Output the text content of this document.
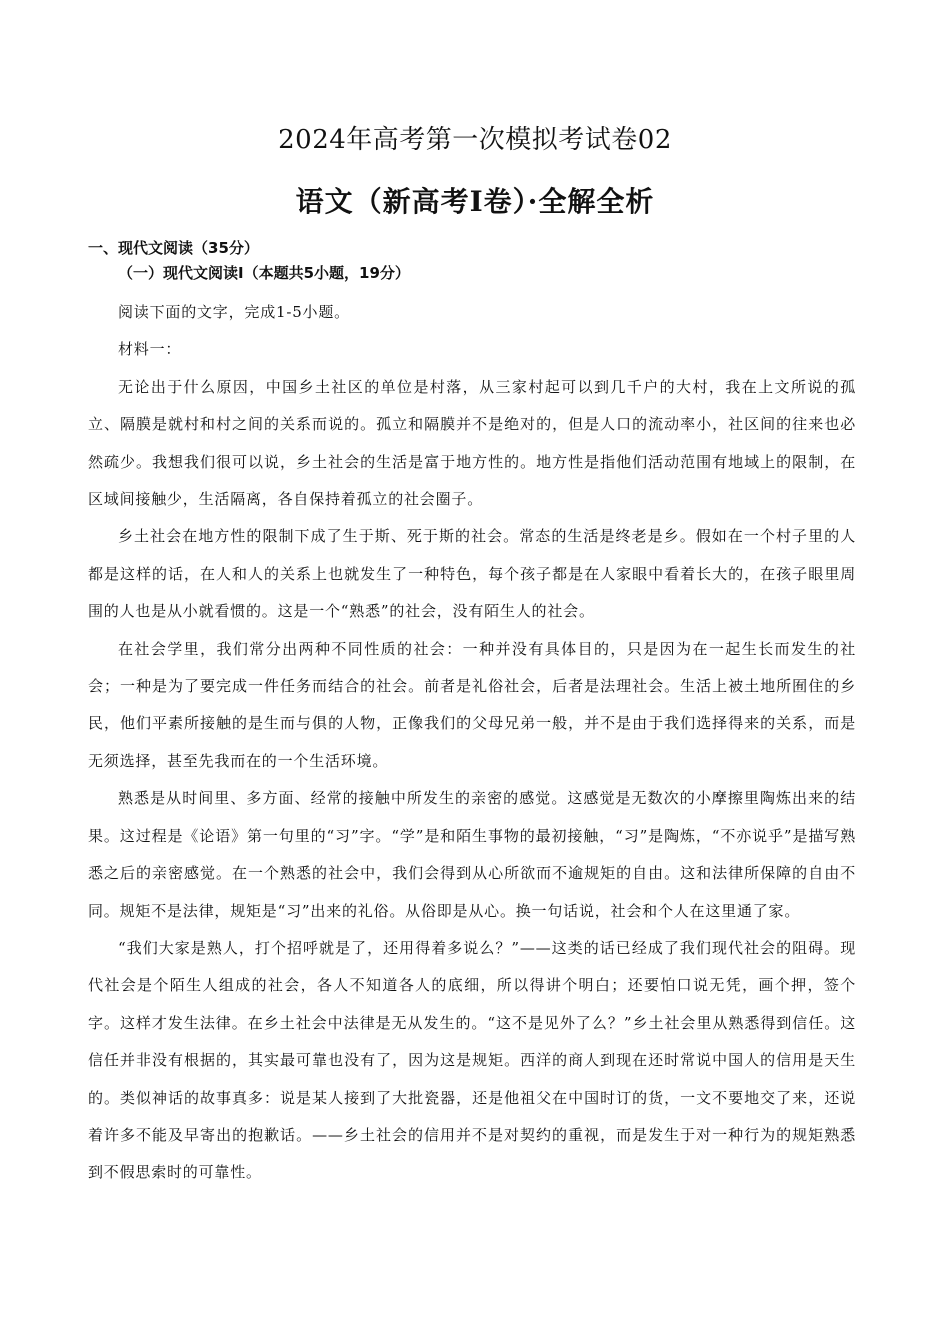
2024年高考第一次模拟考试卷02
语文（新高考Ⅰ卷）·全解全析
一、现代文阅读（35分）
（一）现代文阅读Ⅰ（本题共5小题，19分）

阅读下面的文字，完成1-5小题。

材料一：

无论出于什么原因，中国乡土社区的单位是村落，从三家村起可以到几千户的大村，我在上文所说的孤立、隔膜是就村和村之间的关系而说的。孤立和隔膜并不是绝对的，但是人口的流动率小，社区间的往来也必然疏少。我想我们很可以说，乡土社会的生活是富于地方性的。地方性是指他们活动范围有地域上的限制，在区域间接触少，生活隔离，各自保持着孤立的社会圈子。

乡土社会在地方性的限制下成了生于斯、死于斯的社会。常态的生活是终老是乡。假如在一个村子里的人都是这样的话，在人和人的关系上也就发生了一种特色，每个孩子都是在人家眼中看着长大的，在孩子眼里周围的人也是从小就看惯的。这是一个“熟悉”的社会，没有陌生人的社会。

在社会学里，我们常分出两种不同性质的社会：一种并没有具体目的，只是因为在一起生长而发生的社会；一种是为了要完成一件任务而结合的社会。前者是礼俗社会，后者是法理社会。生活上被土地所囿住的乡民，他们平素所接触的是生而与俱的人物，正像我们的父母兄弟一般，并不是由于我们选择得来的关系，而是无须选择，甚至先我而在的一个生活环境。

熟悉是从时间里、多方面、经常的接触中所发生的亲密的感觉。这感觉是无数次的小摩擦里陶炼出来的结果。这过程是《论语》第一句里的“习”字。“学”是和陌生事物的最初接触，“习”是陶炼，“不亦说乎”是描写熟悉之后的亲密感觉。在一个熟悉的社会中，我们会得到从心所欲而不逾规矩的自由。这和法律所保障的自由不同。规矩不是法律，规矩是“习”出来的礼俗。从俗即是从心。换一句话说，社会和个人在这里通了家。

“我们大家是熟人，打个招呼就是了，还用得着多说么？”——这类的话已经成了我们现代社会的阻碍。现代社会是个陌生人组成的社会，各人不知道各人的底细，所以得讲个明白；还要怕口说无凭，画个押，签个字。这样才发生法律。在乡土社会中法律是无从发生的。“这不是见外了么？”乡土社会里从熟悉得到信任。这信任并非没有根据的，其实最可靠也没有了，因为这是规矩。西洋的商人到现在还时常说中国人的信用是天生的。类似神话的故事真多：说是某人接到了大批瓷器，还是他祖父在中国时订的货，一文不要地交了来，还说着许多不能及早寄出的抱歉话。——乡土社会的信用并不是对契约的重视，而是发生于对一种行为的规矩熟悉到不假思索时的可靠性。
